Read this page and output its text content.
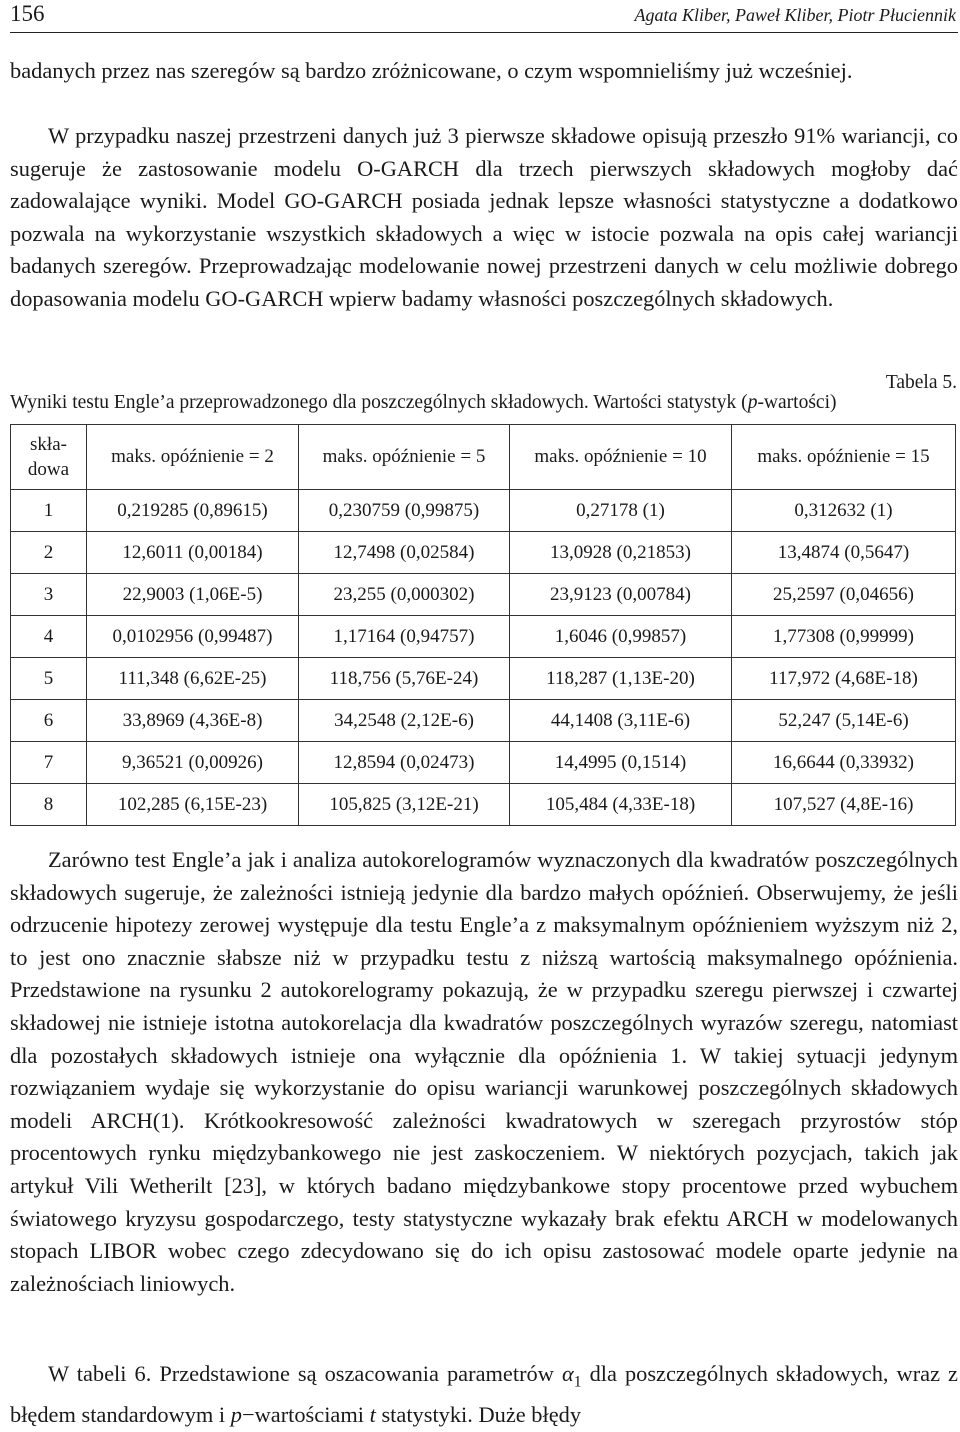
156	Agata Kliber, Paweł Kliber, Piotr Płuciennik

badanych przez nas szeregów są bardzo zróżnicowane, o czym wspomnieliśmy już wcześniej.

W przypadku naszej przestrzeni danych już 3 pierwsze składowe opisują przeszło 91% wariancji, co sugeruje że zastosowanie modelu O-GARCH dla trzech pierwszych składowych mogłoby dać zadowalające wyniki. Model GO-GARCH posiada jednak lepsze własności statystyczne a dodatkowo pozwala na wykorzystanie wszystkich składowych a więc w istocie pozwala na opis całej wariancji badanych szeregów. Przeprowadzając modelowanie nowej przestrzeni danych w celu możliwie dobrego dopasowania modelu GO-GARCH wpierw badamy własności poszczególnych składowych.

Tabela 5.
Wyniki testu Engle’a przeprowadzonego dla poszczególnych składowych. Wartości statystyk (p-wartości)
skła-
dowa	maks. opóźnienie = 2	maks. opóźnienie = 5	maks. opóźnienie = 10	maks. opóźnienie = 15
1	0,219285 (0,89615)	0,230759 (0,99875)	0,27178 (1)	0,312632 (1)
2	12,6011 (0,00184)	12,7498 (0,02584)	13,0928 (0,21853)	13,4874 (0,5647)
3	22,9003 (1,06E-5)	23,255 (0,000302)	23,9123 (0,00784)	25,2597 (0,04656)
4	0,0102956 (0,99487)	1,17164 (0,94757)	1,6046 (0,99857)	1,77308 (0,99999)
5	111,348 (6,62E-25)	118,756 (5,76E-24)	118,287 (1,13E-20)	117,972 (4,68E-18)
6	33,8969 (4,36E-8)	34,2548 (2,12E-6)	44,1408 (3,11E-6)	52,247 (5,14E-6)
7	9,36521 (0,00926)	12,8594 (0,02473)	14,4995 (0,1514)	16,6644 (0,33932)
8	102,285 (6,15E-23)	105,825 (3,12E-21)	105,484 (4,33E-18)	107,527 (4,8E-16)

Zarówno test Engle’a jak i analiza autokorelogramów wyznaczonych dla kwadratów poszczególnych składowych sugeruje, że zależności istnieją jedynie dla bardzo małych opóźnień. Obserwujemy, że jeśli odrzucenie hipotezy zerowej występuje dla testu Engle’a z maksymalnym opóźnieniem wyższym niż 2, to jest ono znacznie słabsze niż w przypadku testu z niższą wartością maksymalnego opóźnienia. Przedstawione na rysunku 2 autokorelogramy pokazują, że w przypadku szeregu pierwszej i czwartej składowej nie istnieje istotna autokorelacja dla kwadratów poszczególnych wyrazów szeregu, natomiast dla pozostałych składowych istnieje ona wyłącznie dla opóźnienia 1. W takiej sytuacji jedynym rozwiązaniem wydaje się wykorzystanie do opisu wariancji warunkowej poszczególnych składowych modeli ARCH(1). Krótkookresowość zależności kwadratowych w szeregach przyrostów stóp procentowych rynku międzybankowego nie jest zaskoczeniem. W niektórych pozycjach, takich jak artykuł Vili Wetherilt [23], w których badano międzybankowe stopy procentowe przed wybuchem światowego kryzysu gospodarczego, testy statystyczne wykazały brak efektu ARCH w modelowanych stopach LIBOR wobec czego zdecydowano się do ich opisu zastosować modele oparte jedynie na zależnościach liniowych.

W tabeli 6. Przedstawione są oszacowania parametrów $\alpha_1$ dla poszczególnych składowych, wraz z błędem standardowym i p−wartościami t statystyki. Duże błędy
